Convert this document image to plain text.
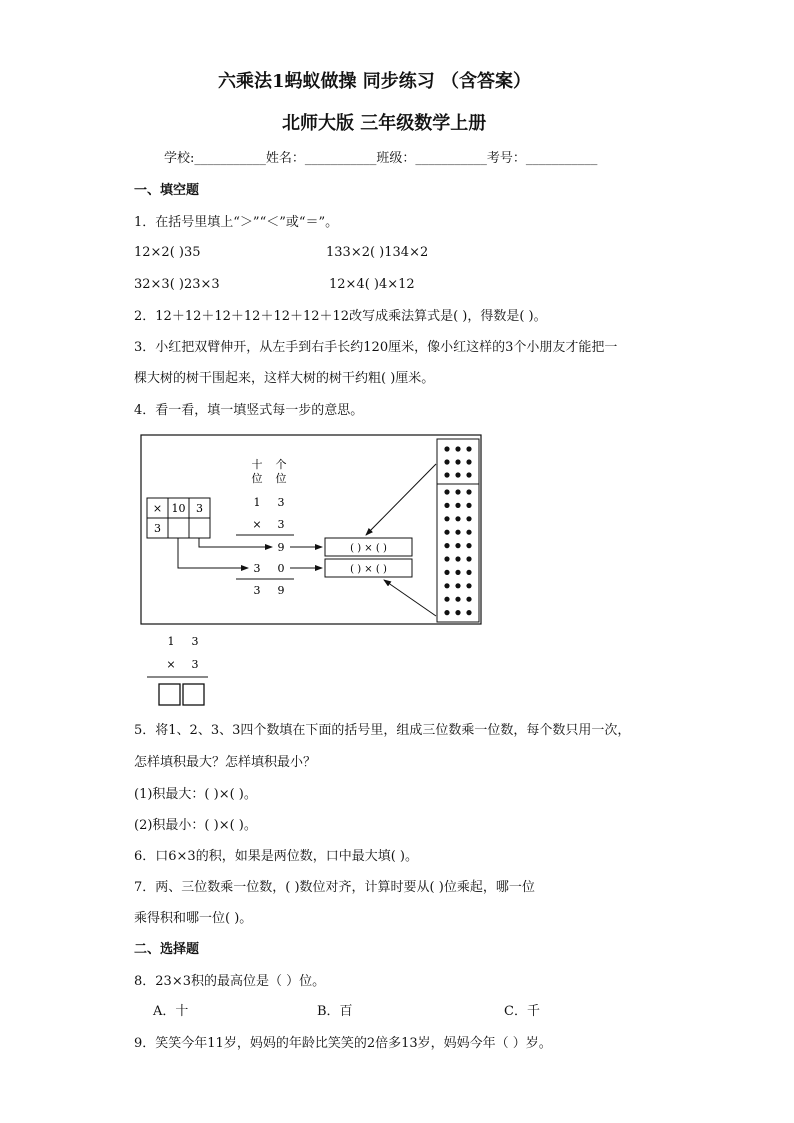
六乘法1蚂蚁做操 同步练习 （含答案）
北师大版 三年级数学上册
学校:___________姓名：___________班级：___________考号：___________
一、填空题
1．在括号里填上“＞”“＜”或“＝”。
12×2( )35	133×2( )134×2
32×3( )23×3	12×4( )4×12
2．12＋12＋12＋12＋12＋12＋12改写成乘法算式是( )，得数是( )。
3．小红把双臂伸开，从左手到右手长约120厘米，像小红这样的3个小朋友才能把一
棵大树的树干围起来，这样大树的树干约粗( )厘米。
4．看一看，填一填竖式每一步的意思。
× 10 3
3
十
位
个
位
1 3
× 3
9
3 0
3 9
( ) × ( )
( ) × ( )
1 3
× 3
5．将1、2、3、3四个数填在下面的括号里，组成三位数乘一位数，每个数只用一次，
怎样填积最大？怎样填积最小？
(1)积最大：( )×( )。
(2)积最小：( )×( )。
6．口6×3的积，如果是两位数，口中最大填( )。
7．两、三位数乘一位数，( )数位对齐，计算时要从( )位乘起，哪一位
乘得积和哪一位( )。
二、选择题
8．23×3积的最高位是（ ）位。
A．十	B．百	C．千
9．笑笑今年11岁，妈妈的年龄比笑笑的2倍多13岁，妈妈今年（ ）岁。
